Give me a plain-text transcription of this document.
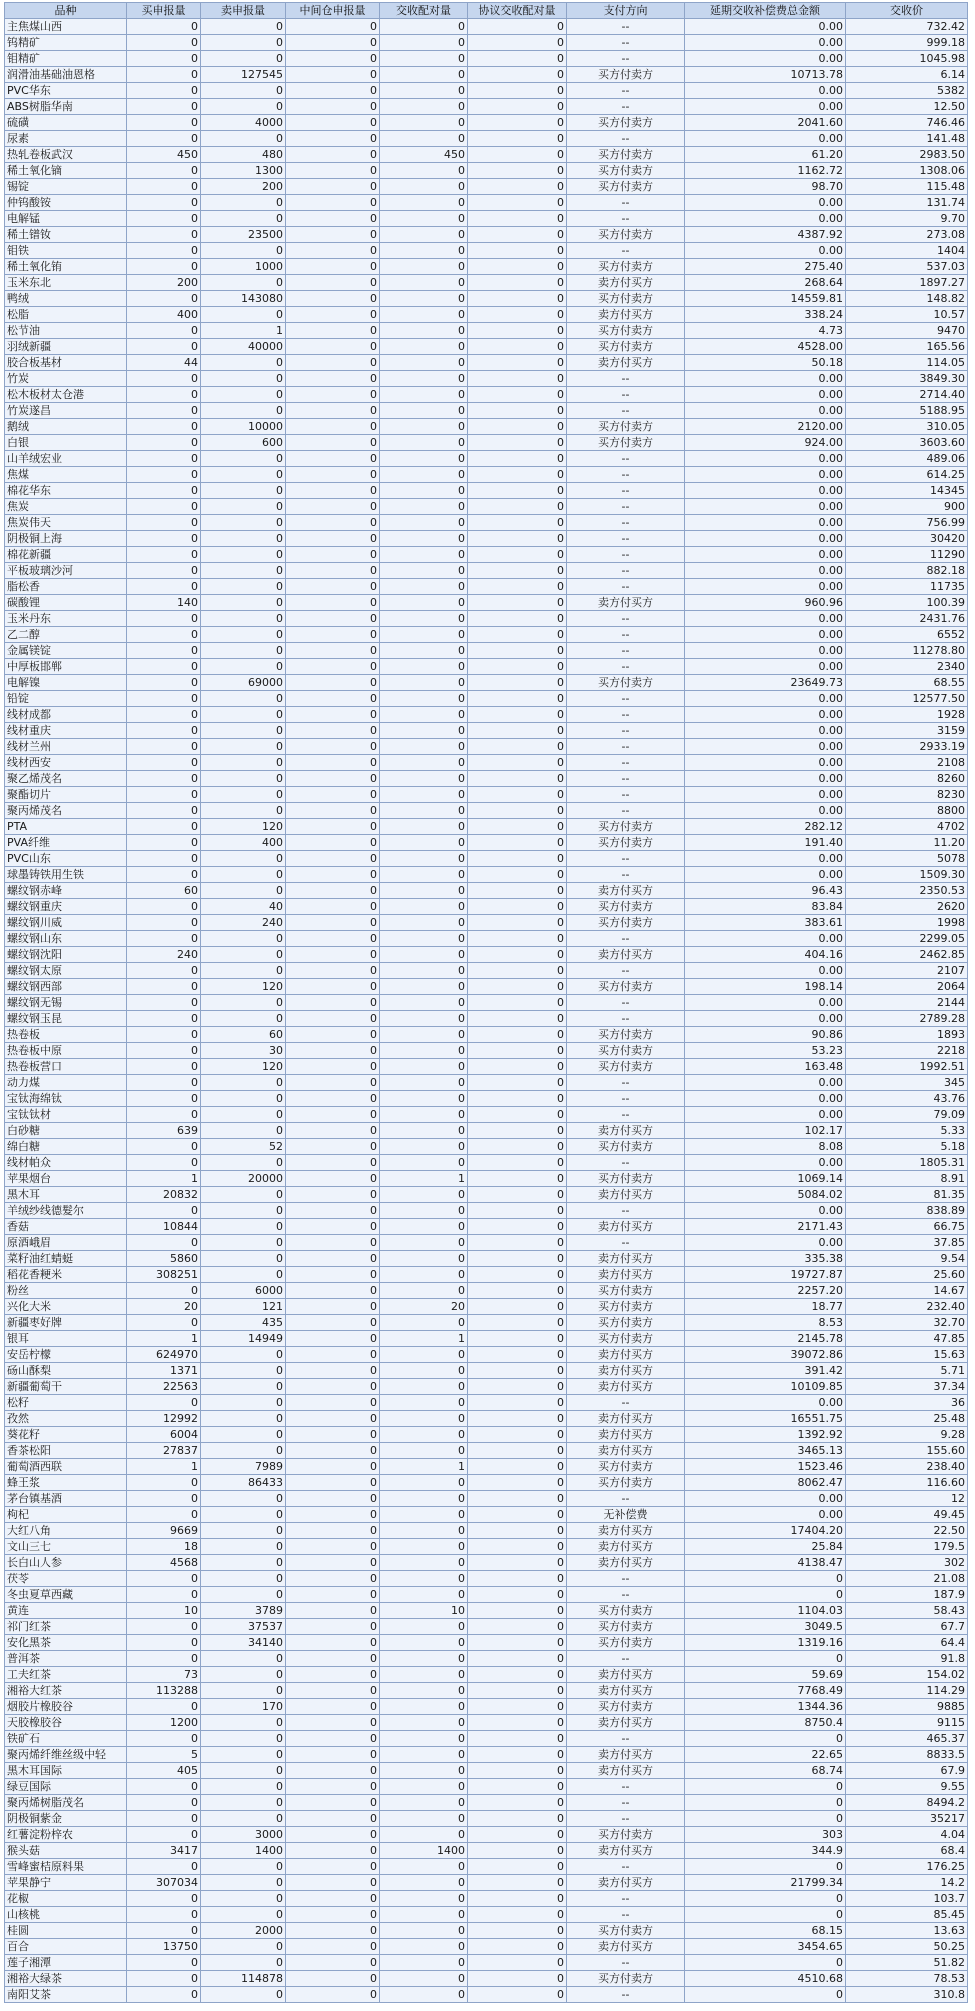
品种	买申报量	卖申报量	中间仓申报量	交收配对量	协议交收配对量	支付方向	延期交收补偿费总金额	交收价
主焦煤山西	0	0	0	0	0	--	0.00	732.42
钨精矿	0	0	0	0	0	--	0.00	999.18
钼精矿	0	0	0	0	0	--	0.00	1045.98
润滑油基础油恩格	0	127545	0	0	0	买方付卖方	10713.78	6.14
PVC华东	0	0	0	0	0	--	0.00	5382
ABS树脂华南	0	0	0	0	0	--	0.00	12.50
硫磺	0	4000	0	0	0	买方付卖方	2041.60	746.46
尿素	0	0	0	0	0	--	0.00	141.48
热轧卷板武汉	450	480	0	450	0	买方付卖方	61.20	2983.50
稀土氧化镝	0	1300	0	0	0	买方付卖方	1162.72	1308.06
锡锭	0	200	0	0	0	买方付卖方	98.70	115.48
仲钨酸铵	0	0	0	0	0	--	0.00	131.74
电解锰	0	0	0	0	0	--	0.00	9.70
稀土镨钕	0	23500	0	0	0	买方付卖方	4387.92	273.08
钼铁	0	0	0	0	0	--	0.00	1404
稀土氧化铕	0	1000	0	0	0	买方付卖方	275.40	537.03
玉米东北	200	0	0	0	0	卖方付买方	268.64	1897.27
鸭绒	0	143080	0	0	0	买方付卖方	14559.81	148.82
松脂	400	0	0	0	0	卖方付买方	338.24	10.57
松节油	0	1	0	0	0	买方付卖方	4.73	9470
羽绒新疆	0	40000	0	0	0	买方付卖方	4528.00	165.56
胶合板基材	44	0	0	0	0	卖方付买方	50.18	114.05
竹炭	0	0	0	0	0	--	0.00	3849.30
松木板材太仓港	0	0	0	0	0	--	0.00	2714.40
竹炭遂昌	0	0	0	0	0	--	0.00	5188.95
鹅绒	0	10000	0	0	0	买方付卖方	2120.00	310.05
白银	0	600	0	0	0	买方付卖方	924.00	3603.60
山羊绒宏业	0	0	0	0	0	--	0.00	489.06
焦煤	0	0	0	0	0	--	0.00	614.25
棉花华东	0	0	0	0	0	--	0.00	14345
焦炭	0	0	0	0	0	--	0.00	900
焦炭伟天	0	0	0	0	0	--	0.00	756.99
阴极铜上海	0	0	0	0	0	--	0.00	30420
棉花新疆	0	0	0	0	0	--	0.00	11290
平板玻璃沙河	0	0	0	0	0	--	0.00	882.18
脂松香	0	0	0	0	0	--	0.00	11735
碳酸锂	140	0	0	0	0	卖方付买方	960.96	100.39
玉米丹东	0	0	0	0	0	--	0.00	2431.76
乙二醇	0	0	0	0	0	--	0.00	6552
金属镁锭	0	0	0	0	0	--	0.00	11278.80
中厚板邯郸	0	0	0	0	0	--	0.00	2340
电解镍	0	69000	0	0	0	买方付卖方	23649.73	68.55
铅锭	0	0	0	0	0	--	0.00	12577.50
线材成都	0	0	0	0	0	--	0.00	1928
线材重庆	0	0	0	0	0	--	0.00	3159
线材兰州	0	0	0	0	0	--	0.00	2933.19
线材西安	0	0	0	0	0	--	0.00	2108
聚乙烯茂名	0	0	0	0	0	--	0.00	8260
聚酯切片	0	0	0	0	0	--	0.00	8230
聚丙烯茂名	0	0	0	0	0	--	0.00	8800
PTA	0	120	0	0	0	买方付卖方	282.12	4702
PVA纤维	0	400	0	0	0	买方付卖方	191.40	11.20
PVC山东	0	0	0	0	0	--	0.00	5078
球墨铸铁用生铁	0	0	0	0	0	--	0.00	1509.30
螺纹钢赤峰	60	0	0	0	0	卖方付买方	96.43	2350.53
螺纹钢重庆	0	40	0	0	0	买方付卖方	83.84	2620
螺纹钢川威	0	240	0	0	0	买方付卖方	383.61	1998
螺纹钢山东	0	0	0	0	0	--	0.00	2299.05
螺纹钢沈阳	240	0	0	0	0	卖方付买方	404.16	2462.85
螺纹钢太原	0	0	0	0	0	--	0.00	2107
螺纹钢西部	0	120	0	0	0	买方付卖方	198.14	2064
螺纹钢无锡	0	0	0	0	0	--	0.00	2144
螺纹钢玉昆	0	0	0	0	0	--	0.00	2789.28
热卷板	0	60	0	0	0	买方付卖方	90.86	1893
热卷板中原	0	30	0	0	0	买方付卖方	53.23	2218
热卷板营口	0	120	0	0	0	买方付卖方	163.48	1992.51
动力煤	0	0	0	0	0	--	0.00	345
宝钛海绵钛	0	0	0	0	0	--	0.00	43.76
宝钛钛材	0	0	0	0	0	--	0.00	79.09
白砂糖	639	0	0	0	0	卖方付买方	102.17	5.33
绵白糖	0	52	0	0	0	买方付卖方	8.08	5.18
线材帕众	0	0	0	0	0	--	0.00	1805.31
苹果烟台	1	20000	0	1	0	买方付卖方	1069.14	8.91
黑木耳	20832	0	0	0	0	卖方付买方	5084.02	81.35
羊绒纱线德髮尔	0	0	0	0	0	--	0.00	838.89
香菇	10844	0	0	0	0	卖方付买方	2171.43	66.75
原酒峨眉	0	0	0	0	0	--	0.00	37.85
菜籽油红蜻蜓	5860	0	0	0	0	卖方付买方	335.38	9.54
稻花香粳米	308251	0	0	0	0	卖方付买方	19727.87	25.60
粉丝	0	6000	0	0	0	买方付卖方	2257.20	14.67
兴化大米	20	121	0	20	0	买方付卖方	18.77	232.40
新疆枣好牌	0	435	0	0	0	买方付卖方	8.53	32.70
银耳	1	14949	0	1	0	买方付卖方	2145.78	47.85
安岳柠檬	624970	0	0	0	0	卖方付买方	39072.86	15.63
砀山酥梨	1371	0	0	0	0	卖方付买方	391.42	5.71
新疆葡萄干	22563	0	0	0	0	卖方付买方	10109.85	37.34
松籽	0	0	0	0	0	--	0.00	36
孜然	12992	0	0	0	0	卖方付买方	16551.75	25.48
葵花籽	6004	0	0	0	0	卖方付买方	1392.92	9.28
香茶松阳	27837	0	0	0	0	卖方付买方	3465.13	155.60
葡萄酒西联	1	7989	0	1	0	买方付卖方	1523.46	238.40
蜂王浆	0	86433	0	0	0	买方付卖方	8062.47	116.60
茅台镇基酒	0	0	0	0	0	--	0.00	12
枸杞	0	0	0	0	0	无补偿费	0.00	49.45
大红八角	9669	0	0	0	0	卖方付买方	17404.20	22.50
文山三七	18	0	0	0	0	卖方付买方	25.84	179.5
长白山人参	4568	0	0	0	0	卖方付买方	4138.47	302
茯苓	0	0	0	0	0	--	0	21.08
冬虫夏草西藏	0	0	0	0	0	--	0	187.9
黄连	10	3789	0	10	0	买方付卖方	1104.03	58.43
祁门红茶	0	37537	0	0	0	买方付卖方	3049.5	67.7
安化黑茶	0	34140	0	0	0	买方付卖方	1319.16	64.4
普洱茶	0	0	0	0	0	--	0	91.8
工夫红茶	73	0	0	0	0	卖方付买方	59.69	154.02
湘裕大红茶	113288	0	0	0	0	卖方付买方	7768.49	114.29
烟胶片橡胶谷	0	170	0	0	0	买方付卖方	1344.36	9885
天胶橡胶谷	1200	0	0	0	0	卖方付买方	8750.4	9115
铁矿石	0	0	0	0	0	--	0	465.37
聚丙烯纤维丝级中轻	5	0	0	0	0	卖方付买方	22.65	8833.5
黑木耳国际	405	0	0	0	0	卖方付买方	68.74	67.9
绿豆国际	0	0	0	0	0	--	0	9.55
聚丙烯树脂茂名	0	0	0	0	0	--	0	8494.2
阴极铜紫金	0	0	0	0	0	--	0	35217
红薯淀粉梓农	0	3000	0	0	0	买方付卖方	303	4.04
猴头菇	3417	1400	0	1400	0	卖方付买方	344.9	68.4
雪峰蜜桔原料果	0	0	0	0	0	--	0	176.25
苹果静宁	307034	0	0	0	0	卖方付买方	21799.34	14.2
花椒	0	0	0	0	0	--	0	103.7
山核桃	0	0	0	0	0	--	0	85.45
桂圆	0	2000	0	0	0	买方付卖方	68.15	13.63
百合	13750	0	0	0	0	卖方付买方	3454.65	50.25
莲子湘潭	0	0	0	0	0	--	0	51.82
湘裕大绿茶	0	114878	0	0	0	买方付卖方	4510.68	78.53
南阳艾茶	0	0	0	0	0	--	0	310.8
